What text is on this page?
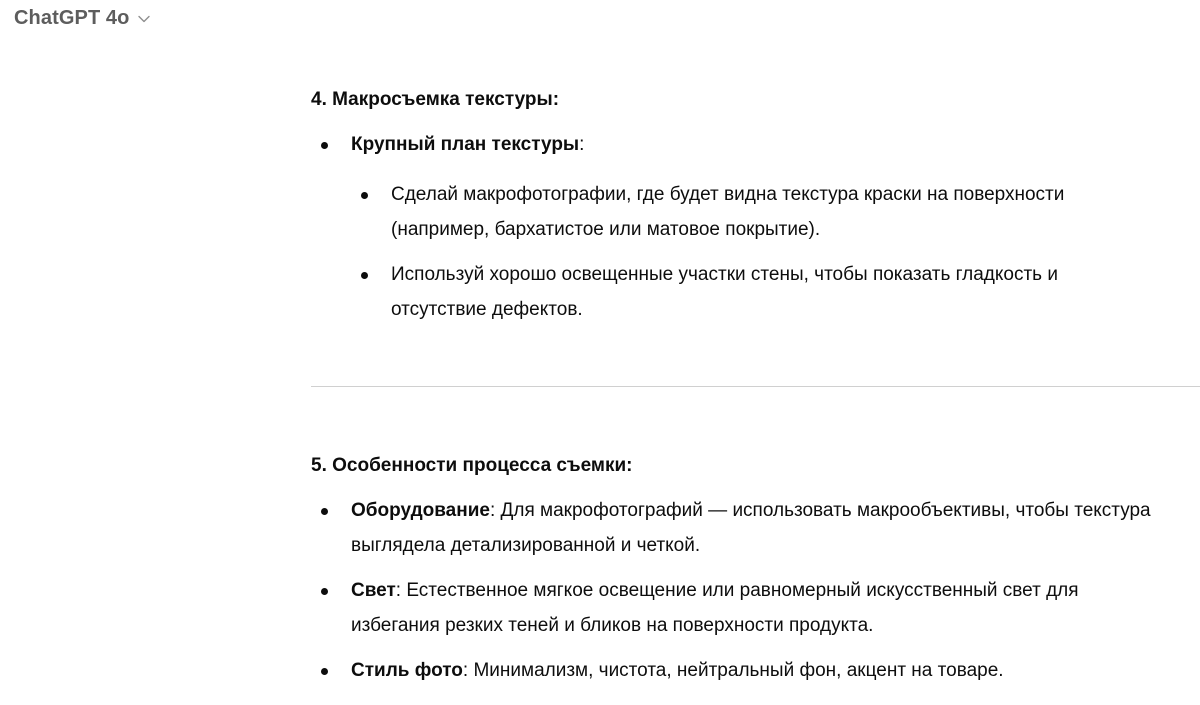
ChatGPT 4o
4. Макросъемка текстуры:
Крупный план текстуры:
Сделай макрофотографии, где будет видна текстура краски на поверхности (например, бархатистое или матовое покрытие).
Используй хорошо освещенные участки стены, чтобы показать гладкость и отсутствие дефектов.
5. Особенности процесса съемки:
Оборудование: Для макрофотографий — использовать макрообъективы, чтобы текстура выглядела детализированной и четкой.
Свет: Естественное мягкое освещение или равномерный искусственный свет для избегания резких теней и бликов на поверхности продукта.
Стиль фото: Минимализм, чистота, нейтральный фон, акцент на товаре.
